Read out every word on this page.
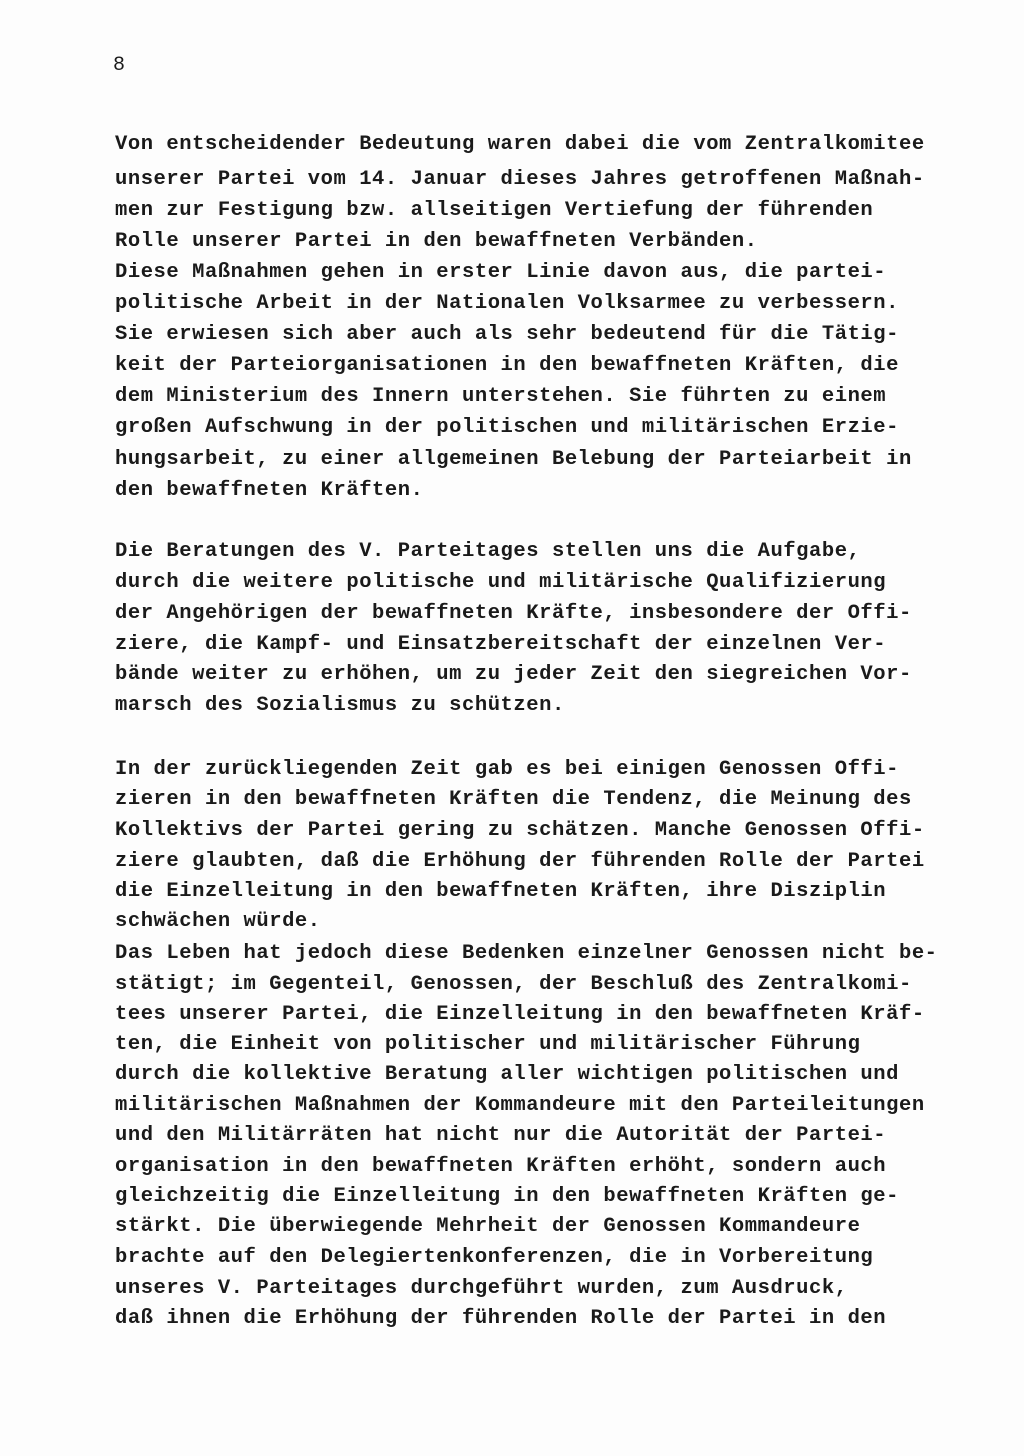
8
Von entscheidender Bedeutung waren dabei die vom Zentralkomitee
unserer Partei vom 14. Januar dieses Jahres getroffenen Maßnah-
men zur Festigung bzw. allseitigen Vertiefung der führenden
Rolle unserer Partei in den bewaffneten Verbänden.
Diese Maßnahmen gehen in erster Linie davon aus, die partei-
politische Arbeit in der Nationalen Volksarmee zu verbessern.
Sie erwiesen sich aber auch als sehr bedeutend für die Tätig-
keit der Parteiorganisationen in den bewaffneten Kräften, die
dem Ministerium des Innern unterstehen. Sie führten zu einem
großen Aufschwung in der politischen und militärischen Erzie-
hungsarbeit, zu einer allgemeinen Belebung der Parteiarbeit in
den bewaffneten Kräften.
Die Beratungen des V. Parteitages stellen uns die Aufgabe,
durch die weitere politische und militärische Qualifizierung
der Angehörigen der bewaffneten Kräfte, insbesondere der Offi-
ziere, die Kampf- und Einsatzbereitschaft der einzelnen Ver-
bände weiter zu erhöhen, um zu jeder Zeit den siegreichen Vor-
marsch des Sozialismus zu schützen.
In der zurückliegenden Zeit gab es bei einigen Genossen Offi-
zieren in den bewaffneten Kräften die Tendenz, die Meinung des
Kollektivs der Partei gering zu schätzen. Manche Genossen Offi-
ziere glaubten, daß die Erhöhung der führenden Rolle der Partei
die Einzelleitung in den bewaffneten Kräften, ihre Disziplin
schwächen würde.
Das Leben hat jedoch diese Bedenken einzelner Genossen nicht be-
stätigt; im Gegenteil, Genossen, der Beschluß des Zentralkomi-
tees unserer Partei, die Einzelleitung in den bewaffneten Kräf-
ten, die Einheit von politischer und militärischer Führung
durch die kollektive Beratung aller wichtigen politischen und
militärischen Maßnahmen der Kommandeure mit den Parteileitungen
und den Militärräten hat nicht nur die Autorität der Partei-
organisation in den bewaffneten Kräften erhöht, sondern auch
gleichzeitig die Einzelleitung in den bewaffneten Kräften ge-
stärkt. Die überwiegende Mehrheit der Genossen Kommandeure
brachte auf den Delegiertenkonferenzen, die in Vorbereitung
unseres V. Parteitages durchgeführt wurden, zum Ausdruck,
daß ihnen die Erhöhung der führenden Rolle der Partei in den
